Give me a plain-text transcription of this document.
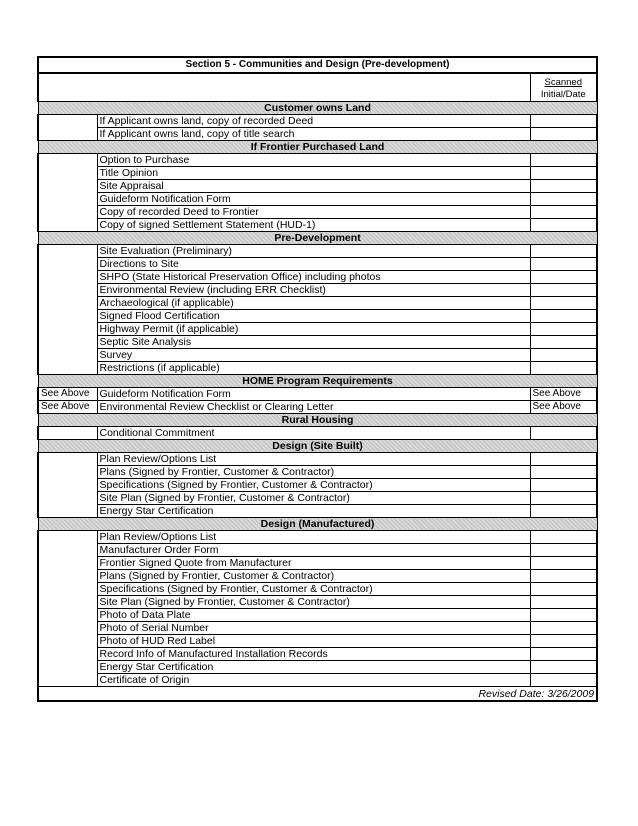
Section 5 - Communities and Design (Pre-development)		

		Scanned
Initial/Date
Customer owns Land		
	If Applicant owns land, copy of recorded Deed	
	If Applicant owns land, copy of title search	
If Frontier Purchased Land		
	Option to Purchase	
	Title Opinion	
	Site Appraisal	
	Guideform Notification Form	
	Copy of recorded Deed to Frontier	
	Copy of signed Settlement Statement (HUD-1)	
Pre-Development		
	Site Evaluation (Preliminary)	
	Directions to Site	
	SHPO (State Historical Preservation Office) including photos	
	Environmental Review (including ERR Checklist)	
	Archaeological (if applicable)	
	Signed Flood Certification	
	Highway Permit (if applicable)	
	Septic Site Analysis	
	Survey	
	Restrictions (if applicable)	
HOME Program Requirements		
See Above	Guideform Notification Form	See Above
See Above	Environmental Review Checklist or Clearing Letter	See Above
Rural Housing		
	Conditional Commitment	
Design (Site Built)		
	Plan Review/Options List	
	Plans (Signed by Frontier, Customer & Contractor)	
	Specifications (Signed by Frontier, Customer & Contractor)	
	Site Plan (Signed by Frontier, Customer & Contractor)	
	Energy Star Certification	
Design (Manufactured)		
	Plan Review/Options List	
	Manufacturer Order Form	
	Frontier Signed Quote from Manufacturer	
	Plans (Signed by Frontier, Customer & Contractor)	
	Specifications (Signed by Frontier, Customer & Contractor)	
	Site Plan (Signed by Frontier, Customer & Contractor)	
	Photo of Data Plate	
	Photo of Serial Number	
	Photo of HUD Red Label	
	Record Info of Manufactured Installation Records	
	Energy Star Certification	
	Certificate of Origin	
Revised Date: 3/26/2009		
